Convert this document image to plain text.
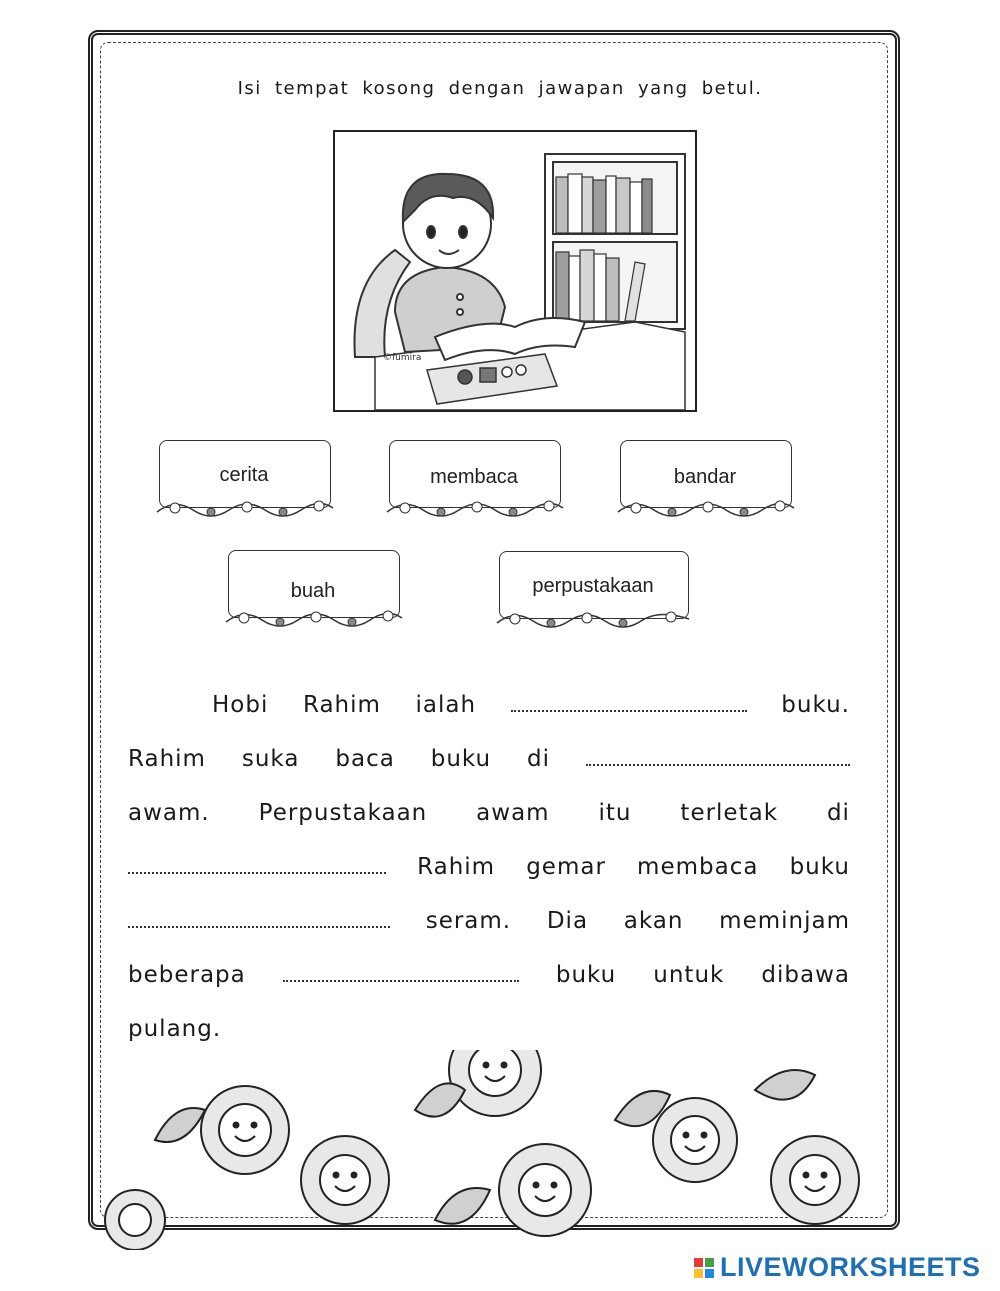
Isi tempat kosong dengan jawapan yang betul.
©fumira
cerita	membaca	bandar
buah	perpustakaan
Hobi Rahim ialah	buku.
Rahim suka baca buku di
awam. Perpustakaan awam itu terletak di
Rahim gemar membaca buku
seram. Dia akan meminjam
beberapa	buku untuk dibawa
pulang.
LIVEWORKSHEETS
